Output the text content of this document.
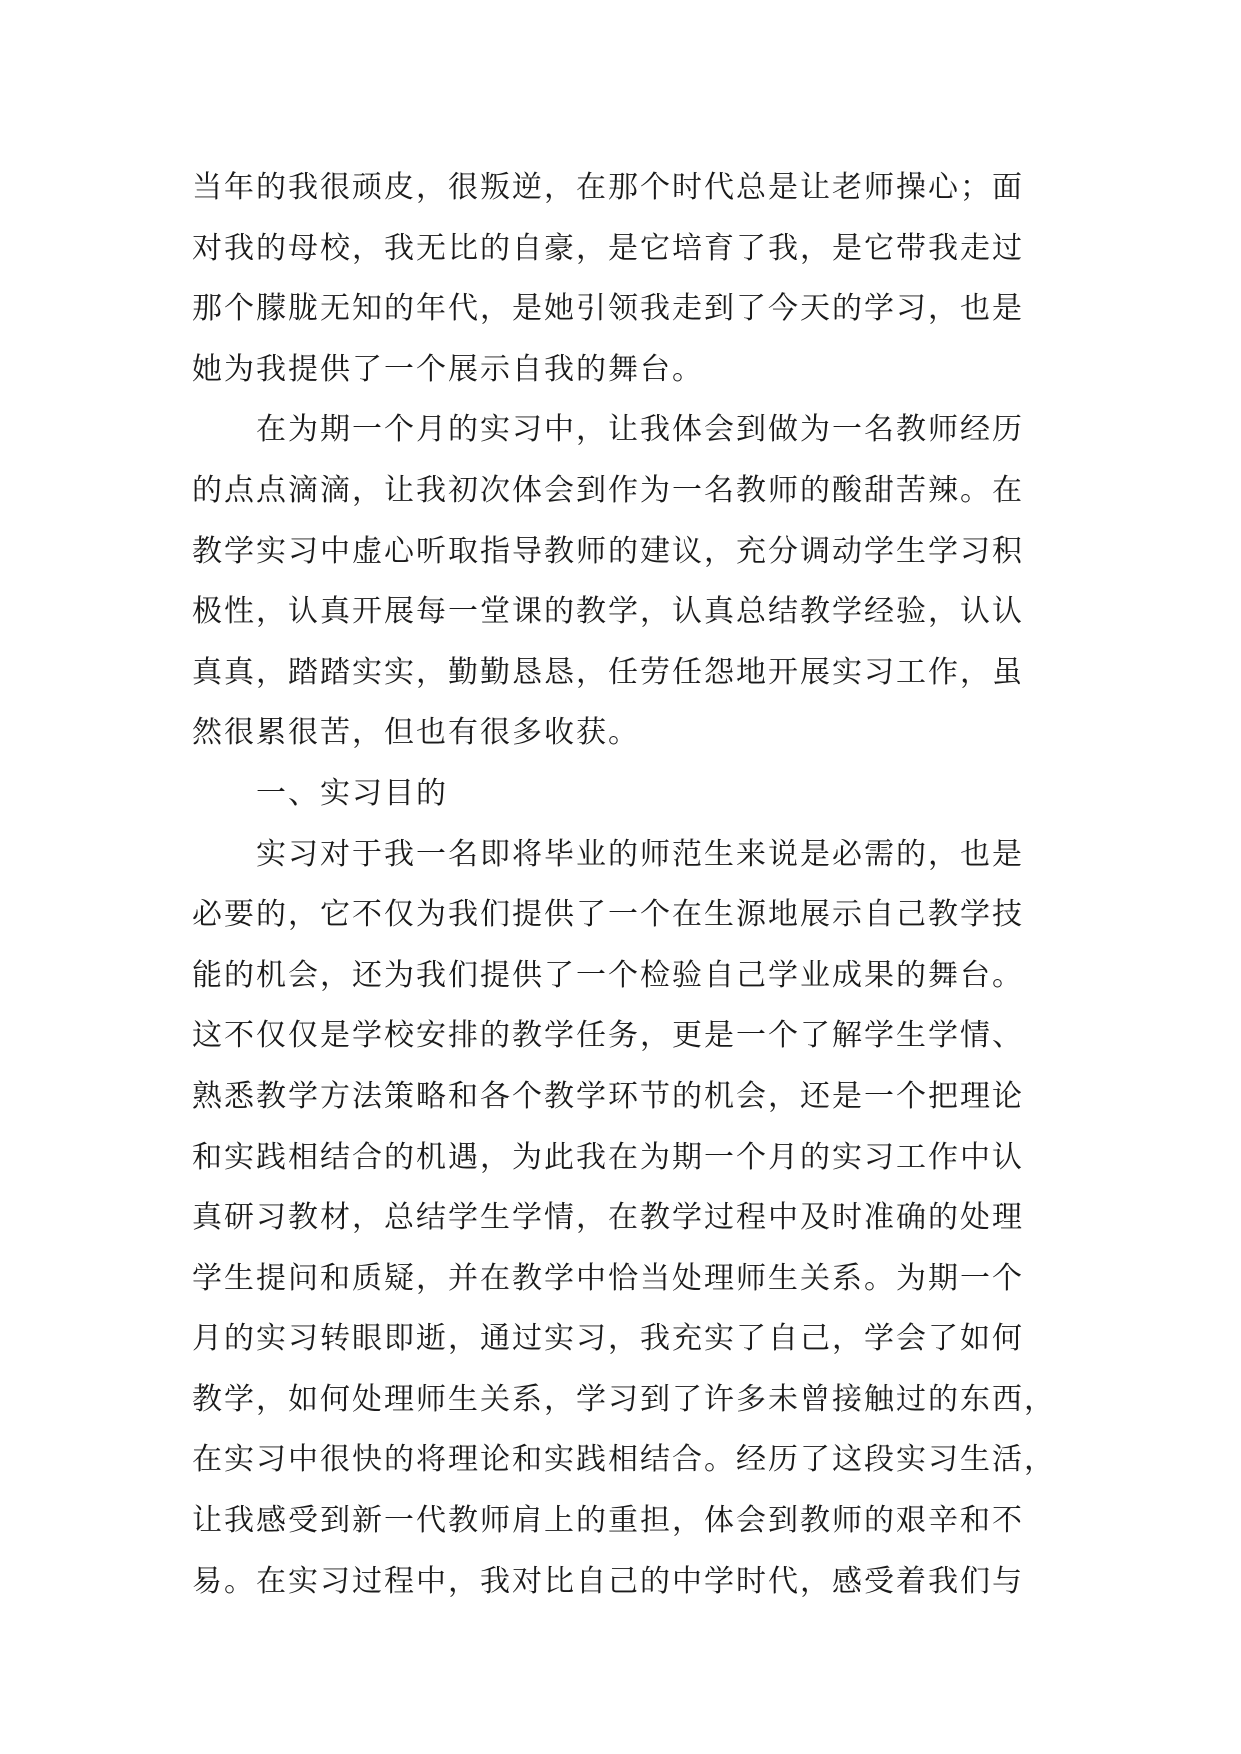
当年的我很顽皮，很叛逆，在那个时代总是让老师操心；面
对我的母校，我无比的自豪，是它培育了我，是它带我走过
那个朦胧无知的年代，是她引领我走到了今天的学习，也是
她为我提供了一个展示自我的舞台。
在为期一个月的实习中，让我体会到做为一名教师经历
的点点滴滴，让我初次体会到作为一名教师的酸甜苦辣。在
教学实习中虚心听取指导教师的建议，充分调动学生学习积
极性，认真开展每一堂课的教学，认真总结教学经验，认认
真真，踏踏实实，勤勤恳恳，任劳任怨地开展实习工作，虽
然很累很苦，但也有很多收获。
一、实习目的
实习对于我一名即将毕业的师范生来说是必需的，也是
必要的，它不仅为我们提供了一个在生源地展示自己教学技
能的机会，还为我们提供了一个检验自己学业成果的舞台。
这不仅仅是学校安排的教学任务，更是一个了解学生学情、
熟悉教学方法策略和各个教学环节的机会，还是一个把理论
和实践相结合的机遇，为此我在为期一个月的实习工作中认
真研习教材，总结学生学情，在教学过程中及时准确的处理
学生提问和质疑，并在教学中恰当处理师生关系。为期一个
月的实习转眼即逝，通过实习，我充实了自己，学会了如何
教学，如何处理师生关系，学习到了许多未曾接触过的东西，
在实习中很快的将理论和实践相结合。经历了这段实习生活，
让我感受到新一代教师肩上的重担，体会到教师的艰辛和不
易。在实习过程中，我对比自己的中学时代，感受着我们与
